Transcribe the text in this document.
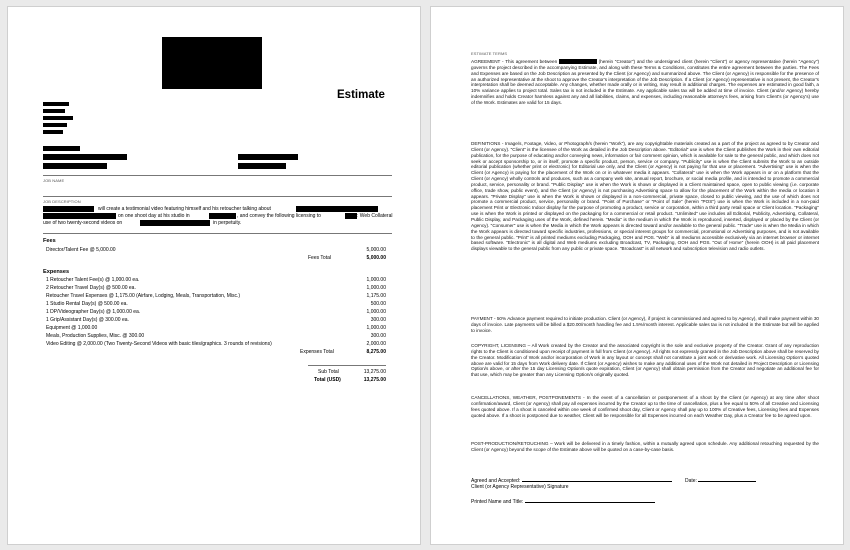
Estimate
JOB NAME
JOB DESCRIPTION
will create a testimonial video featuring himself and his retoucher talking about
on one shoot day at his studio in	, and convey the following licensing to	: Web Collateral
use of two twenty-second videos on	in perpetuity.
Fees
Director/Talent Fee @ 5,000.00	5,000.00
Fees Total	5,000.00
Expenses
1 Retoucher Talent Fee(s) @ 1,000.00 ea.	1,000.00
2 Retoucher Travel Day(s) @ 500.00 ea.	1,000.00
Retoucher Travel Expenses @ 1,175.00 (Airfare, Lodging, Meals, Transportation, Misc.)	1,175.00
1 Studio Rental Day(s) @ 500.00 ea.	500.00
1 DP/Videographer Day(s) @ 1,000.00 ea.	1,000.00
1 Grip/Assistant Day(s) @ 300.00 ea.	300.00
Equipment @ 1,000.00	1,000.00
Meals, Production Supplies, Misc. @ 300.00	300.00
Video Editing @ 2,000.00 (Two Twenty-Second Videos with basic tiles/graphics. 3 rounds of revisions)	2,000.00
Expenses Total	8,275.00
Sub Total	13,275.00
Total (USD)	13,275.00
ESTIMATE TERMS

AGREEMENT - This agreement between	(herein "Creator") and the undersigned client (herein "Client") or agency representative (herein "Agency") governs the project described in the accompanying Estimate, and along with these Terms & Conditions, constitutes the entire agreement between the parties. The Fees and Expenses are based on the Job Description as presented by the Client (or Agency) and summarized above. The Client (or Agency) is responsible for the presence of an authorized representative at the shoot to approve the Creator's interpretation of the Job Description. If a Client (or Agency) representative is not present, the Creator's interpretation shall be deemed acceptable. Any changes, whether made orally or in writing, may result in additional charges. The expenses are estimated in good faith, a 10% variance applies to project total. Sales tax is not included in the Estimate. Any applicable sales tax will be added at time of invoice. Client (and/or Agency) hereby indemnifies and holds Creator harmless against any and all liabilities, claims, and expenses, including reasonable attorney's fees, arising from Client's (or Agency's) use of the Work. Estimates are valid for 15 days.

DEFINITIONS - Image/s, Footage, Video, or Photograph/s (herein "Work"), are any copyrightable materials created as a part of the project as agreed to by Creator and Client (or Agency). "Client" is the licensee of the Work as detailed in the Job Description above. "Editorial" use is when the Client publishes the Work in their own editorial publication, for the purpose of educating and/or conveying news, information or fair comment opinion, which is available for sale to the general public, and which does not seek or accept sponsorship to, or in itself, promote a specific product, person, service or company. "Publicity" use is when the Client submits the Work to an outside editorial publication (whether print or electronic) for Editorial use only, and the Client (or Agency) is not paying for that use or placement. "Advertising" use is when the Client (or Agency) is paying for the placement of the Work on or in whatever media it appears. "Collateral" use is when the Work appears in or on a platform that the Client (or Agency) wholly controls and produces, such as a company web site, annual report, brochure, or social media profile, and is intended to promote a commercial product, service, personality or brand. "Public Display" use is when the Work is shown or displayed in a Client maintained space, open to public viewing (i.e. corporate office, trade show, public event), and the Client (or Agency) is not purchasing Advertising space to allow for the placement of the Work within the media or location it appears. "Private Display" use is when the Work is shown or displayed in a non-commercial, private space, closed to public viewing, and the use of which does not promote a commercial product, service, personality or brand. "Point of Purchase" or "Point of Sale" (herein "POS") use is when the Work is included in a non-paid placement Print or Electronic Indoor display for the purpose of promoting a product, service or corporation, within a third party retail space or Client location. "Packaging" use is when the Work is printed or displayed on the packaging for a commercial or retail product. "Unlimited" use includes all Editorial, Publicity, Advertising, Collateral, Public Display, and Packaging uses of the Work, defined herein. "Media" is the medium in which the Work is reproduced, inserted, displayed or placed by the Client (or Agency). "Consumer" use is when the Media in which the Work appears is directed toward and/or available to the general public. "Trade" use is when the Media in which the Work appears is directed toward specific industries, professions, or special interest groups for commercial, promotional or Advertising purposes, and is not available to the general public. "Print" is all printed mediums excluding Packaging, OOH and POS. "Web" is all mediums accessible exclusively via an internet browser or internet based software. "Electronic" is all digital and Web mediums excluding Broadcast, TV, Packaging, OOH and POS. "Out of Home" (herein OOH) is all paid placement displays viewable to the general public from any public or private space. "Broadcast" is all network and subscription television and radio outlets.

PAYMENT - 50% Advance payment required to initiate production. Client (or Agency), if project is commissioned and agreed to by Agency), shall make payment within 30 days of invoice. Late payments will be billed a $20.00/month handling fee and 1.5%/month interest. Applicable sales tax is not included in the Estimate but will be applied to invoice.

COPYRIGHT, LICENSING – All Work created by the Creator and the associated copyright is the sole and exclusive property of the Creator. Grant of any reproduction rights to the Client is conditioned upon receipt of payment in full from Client (or Agency). All rights not expressly granted in the Job Description above shall be reserved by the Creator. Modification of Work and/or incorporation of Work in any layout or concept shall not constitute a joint work or derivative work. All Licensing Option's quoted above are valid for 15 days from Work delivery date. If Client (or Agency) wishes to make any additional uses of the Work not detailed in Project Description or Licensing Option/s above, or after the 15 day Licensing Option/s quote expiration, Client (or Agency) shall obtain permission from the Creator and negotiate an additional fee for that use, which may be greater than any Licensing Option/s originally quoted.

CANCELLATIONS, WEATHER, POSTPONEMENTS - In the event of a cancellation or postponement of a shoot by the Client (or Agency) at any time after shoot confirmation/award, Client (or Agency) shall pay all expenses incurred by the Creator up to the time of cancellation, plus a fee equal to 50% of all Creative and Licensing fees quoted above. If a shoot is canceled within one week of confirmed shoot day, Client or Agency shall pay up to 100% of Creative fees, Licensing fees and Expenses quoted above. If a shoot is postponed due to weather, Client will be responsible for all Expenses incurred on each Weather Day, plus a Creator fee to be agreed upon.

POST-PRODUCTION/RETOUCHING – Work will be delivered in a timely fashion, within a mutually agreed upon schedule. Any additional retouching requested by the Client (or Agency) beyond the scope of the Estimate above will be quoted on a case-by-case basis.

Agreed and Accepted:	Date:
Client (or Agency Representative) Signature
Printed Name and Title:
